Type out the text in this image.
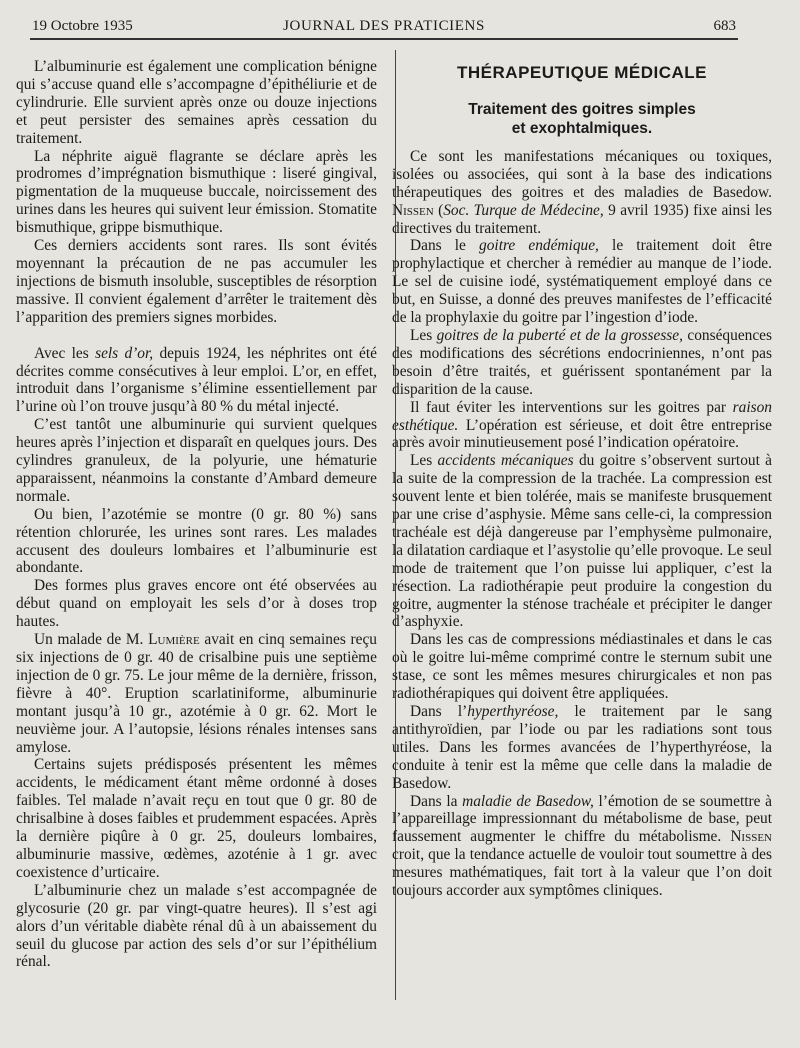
19 Octobre 1935	JOURNAL DES PRATICIENS	683

L’albuminurie est également une complication bénigne qui s’accuse quand elle s’accompagne d’épithéliurie et de cylindrurie. Elle survient après onze ou douze injections et peut persister des semaines après cessation du traitement.

La néphrite aiguë flagrante se déclare après les prodromes d’imprégnation bismuthique : liseré gingival, pigmentation de la muqueuse buccale, noircissement des urines dans les heures qui suivent leur émission. Stomatite bismuthique, grippe bismuthique.

Ces derniers accidents sont rares. Ils sont évités moyennant la précaution de ne pas accumuler les injections de bismuth insoluble, susceptibles de résorption massive. Il convient également d’arrêter le traitement dès l’apparition des premiers signes morbides.

Avec les sels d’or, depuis 1924, les néphrites ont été décrites comme consécutives à leur emploi. L’or, en effet, introduit dans l’organisme s’élimine essentiellement par l’urine où l’on trouve jusqu’à 80 % du métal injecté.

C’est tantôt une albuminurie qui survient quelques heures après l’injection et disparaît en quelques jours. Des cylindres granuleux, de la polyurie, une hématurie apparaissent, néanmoins la constante d’Ambard demeure normale.

Ou bien, l’azotémie se montre (0 gr. 80 %) sans rétention chlorurée, les urines sont rares. Les malades accusent des douleurs lombaires et l’albuminurie est abondante.

Des formes plus graves encore ont été observées au début quand on employait les sels d’or à doses trop hautes.

Un malade de M. Lumière avait en cinq semaines reçu six injections de 0 gr. 40 de crisalbine puis une septième injection de 0 gr. 75. Le jour même de la dernière, frisson, fièvre à 40°. Eruption scarlatiniforme, albuminurie montant jusqu’à 10 gr., azotémie à 0 gr. 62. Mort le neuvième jour. A l’autopsie, lésions rénales intenses sans amylose.

Certains sujets prédisposés présentent les mêmes accidents, le médicament étant même ordonné à doses faibles. Tel malade n’avait reçu en tout que 0 gr. 80 de chrisalbine à doses faibles et prudemment espacées. Après la dernière piqûre à 0 gr. 25, douleurs lombaires, albuminurie massive, œdèmes, azoténie à 1 gr. avec coexistence d’urticaire.

L’albuminurie chez un malade s’est accompagnée de glycosurie (20 gr. par vingt-quatre heures). Il s’est agi alors d’un véritable diabète rénal dû à un abaissement du seuil du glucose par action des sels d’or sur l’épithélium rénal.

THÉRAPEUTIQUE MÉDICALE
Traitement des goitres simples
et exophtalmiques.

Ce sont les manifestations mécaniques ou toxiques, isolées ou associées, qui sont à la base des indications thérapeutiques des goitres et des maladies de Basedow. Nissen (Soc. Turque de Médecine, 9 avril 1935) fixe ainsi les directives du traitement.

Dans le goitre endémique, le traitement doit être prophylactique et chercher à remédier au manque de l’iode. Le sel de cuisine iodé, systématiquement employé dans ce but, en Suisse, a donné des preuves manifestes de l’efficacité de la prophylaxie du goitre par l’ingestion d’iode.

Les goitres de la puberté et de la grossesse, conséquences des modifications des sécrétions endocriniennes, n’ont pas besoin d’être traités, et guérissent spontanément par la disparition de la cause.

Il faut éviter les interventions sur les goitres par raison esthétique. L’opération est sérieuse, et doit être entreprise après avoir minutieusement posé l’indication opératoire.

Les accidents mécaniques du goitre s’observent surtout à la suite de la compression de la trachée. La compression est souvent lente et bien tolérée, mais se manifeste brusquement par une crise d’asphysie. Même sans celle-ci, la compression trachéale est déjà dangereuse par l’emphysème pulmonaire, la dilatation cardiaque et l’asystolie qu’elle provoque. Le seul mode de traitement que l’on puisse lui appliquer, c’est la résection. La radiothérapie peut produire la congestion du goitre, augmenter la sténose trachéale et précipiter le danger d’asphyxie.

Dans les cas de compressions médiastinales et dans le cas où le goitre lui-même comprimé contre le sternum subit une stase, ce sont les mêmes mesures chirurgicales et non pas radiothérapiques qui doivent être appliquées.

Dans l’hyperthyréose, le traitement par le sang antithyroïdien, par l’iode ou par les radiations sont tous utiles. Dans les formes avancées de l’hyperthyréose, la conduite à tenir est la même que celle dans la maladie de Basedow.

Dans la maladie de Basedow, l’émotion de se soumettre à l’appareillage impressionnant du métabolisme de base, peut faussement augmenter le chiffre du métabolisme. Nissen croit, que la tendance actuelle de vouloir tout soumettre à des mesures mathématiques, fait tort à la valeur que l’on doit toujours accorder aux symptômes cliniques.
